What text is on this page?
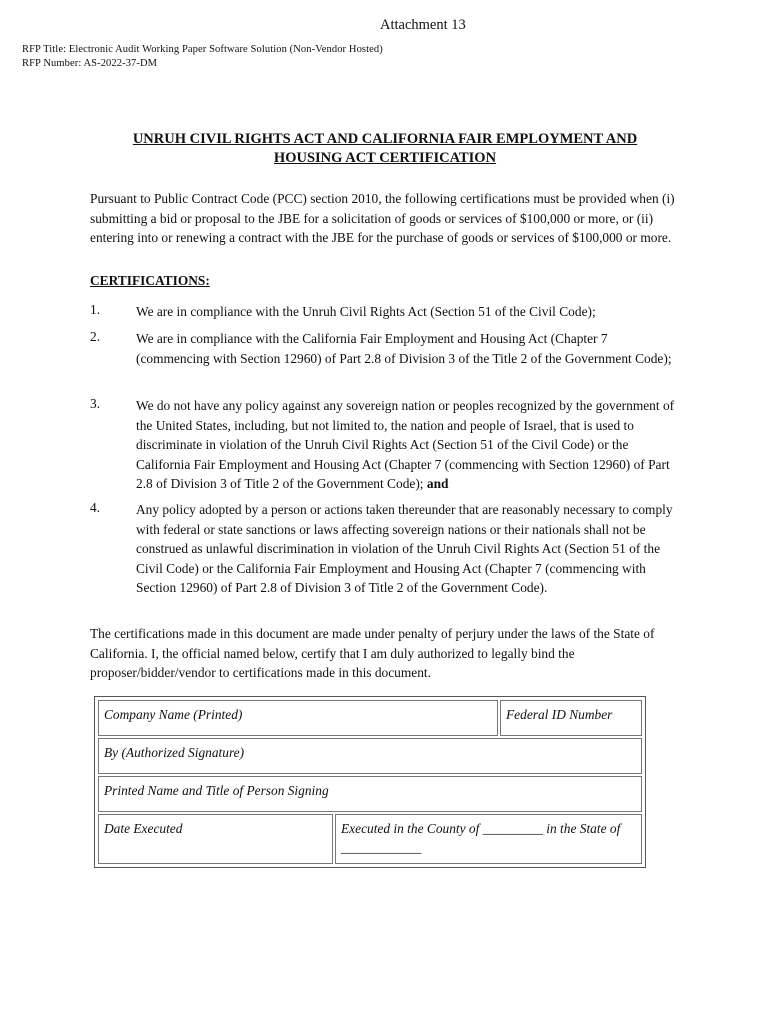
Attachment 13
RFP Title: Electronic Audit Working Paper Software Solution (Non-Vendor Hosted)
RFP Number: AS-2022-37-DM
UNRUH CIVIL RIGHTS ACT AND CALIFORNIA FAIR EMPLOYMENT AND
HOUSING ACT CERTIFICATION
Pursuant to Public Contract Code (PCC) section 2010, the following certifications must be provided when (i) submitting a bid or proposal to the JBE for a solicitation of goods or services of $100,000 or more, or (ii) entering into or renewing a contract with the JBE for the purchase of goods or services of $100,000 or more.
CERTIFICATIONS:
1.	We are in compliance with the Unruh Civil Rights Act (Section 51 of the Civil Code);
2.	We are in compliance with the California Fair Employment and Housing Act (Chapter 7 (commencing with Section 12960) of Part 2.8 of Division 3 of the Title 2 of the Government Code);
3.	We do not have any policy against any sovereign nation or peoples recognized by the government of the United States, including, but not limited to, the nation and people of Israel, that is used to discriminate in violation of the Unruh Civil Rights Act (Section 51 of the Civil Code) or the California Fair Employment and Housing Act (Chapter 7 (commencing with Section 12960) of Part 2.8 of Division 3 of Title 2 of the Government Code); and
4.	Any policy adopted by a person or actions taken thereunder that are reasonably necessary to comply with federal or state sanctions or laws affecting sovereign nations or their nationals shall not be construed as unlawful discrimination in violation of the Unruh Civil Rights Act (Section 51 of the Civil Code) or the California Fair Employment and Housing Act (Chapter 7 (commencing with Section 12960) of Part 2.8 of Division 3 of Title 2 of the Government Code).
The certifications made in this document are made under penalty of perjury under the laws of the State of California. I, the official named below, certify that I am duly authorized to legally bind the proposer/bidder/vendor to certifications made in this document.
Company Name (Printed)	Federal ID Number
By (Authorized Signature)
Printed Name and Title of Person Signing
Date Executed	Executed in the County of _________ in the State of ____________
